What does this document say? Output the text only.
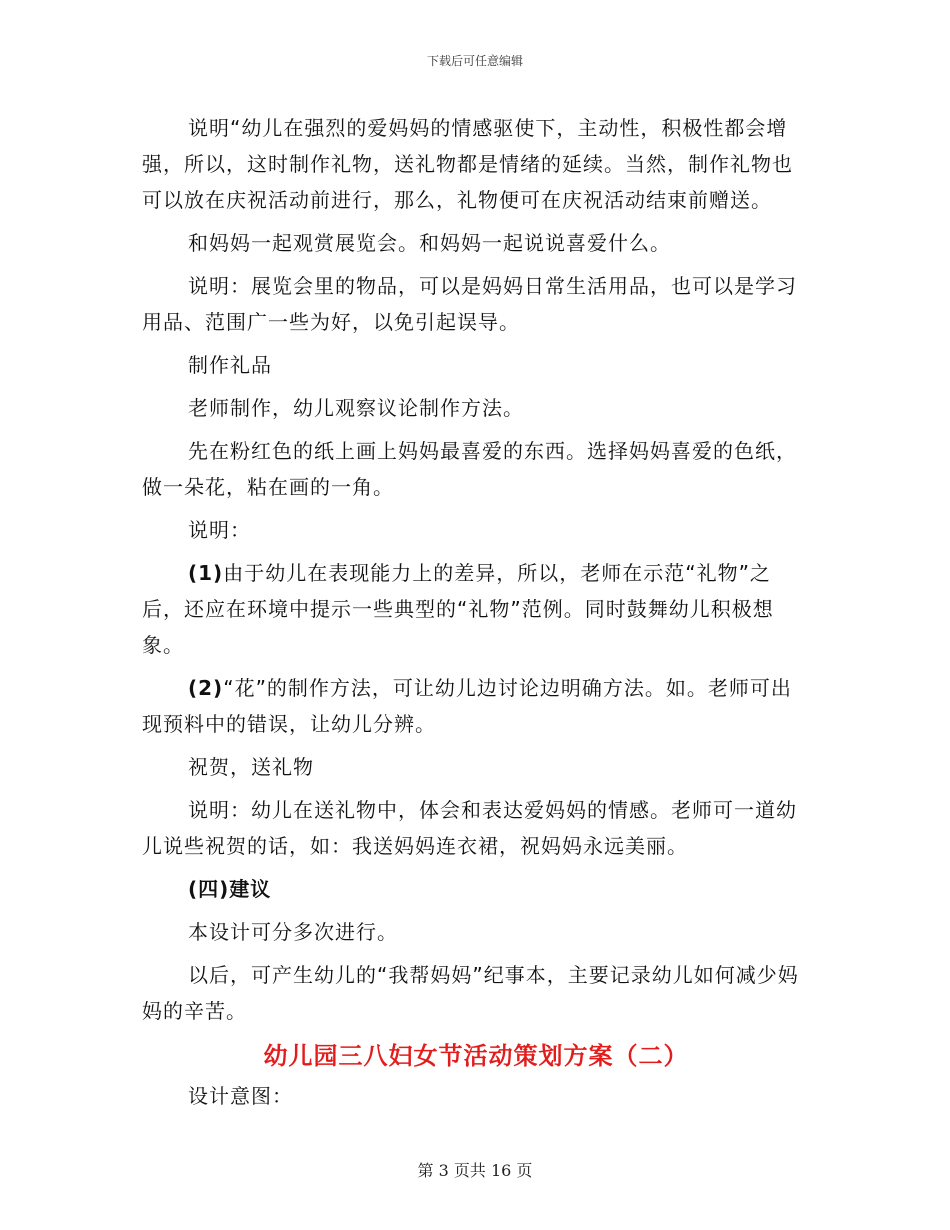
下载后可任意编辑

说明“幼儿在强烈的爱妈妈的情感驱使下，主动性，积极性都会增强，所以，这时制作礼物，送礼物都是情绪的延续。当然，制作礼物也可以放在庆祝活动前进行，那么，礼物便可在庆祝活动结束前赠送。

和妈妈一起观赏展览会。和妈妈一起说说喜爱什么。

说明：展览会里的物品，可以是妈妈日常生活用品，也可以是学习用品、范围广一些为好，以免引起误导。

制作礼品

老师制作，幼儿观察议论制作方法。

先在粉红色的纸上画上妈妈最喜爱的东西。选择妈妈喜爱的色纸，做一朵花，粘在画的一角。

说明：

(1)由于幼儿在表现能力上的差异，所以，老师在示范“礼物”之后，还应在环境中提示一些典型的“礼物”范例。同时鼓舞幼儿积极想象。

(2)“花”的制作方法，可让幼儿边讨论边明确方法。如。老师可出现预料中的错误，让幼儿分辨。

祝贺，送礼物

说明：幼儿在送礼物中，体会和表达爱妈妈的情感。老师可一道幼儿说些祝贺的话，如：我送妈妈连衣裙，祝妈妈永远美丽。

(四)建议

本设计可分多次进行。

以后，可产生幼儿的“我帮妈妈”纪事本，主要记录幼儿如何减少妈妈的辛苦。

幼儿园三八妇女节活动策划方案（二）

设计意图：

第 3 页共 16 页
